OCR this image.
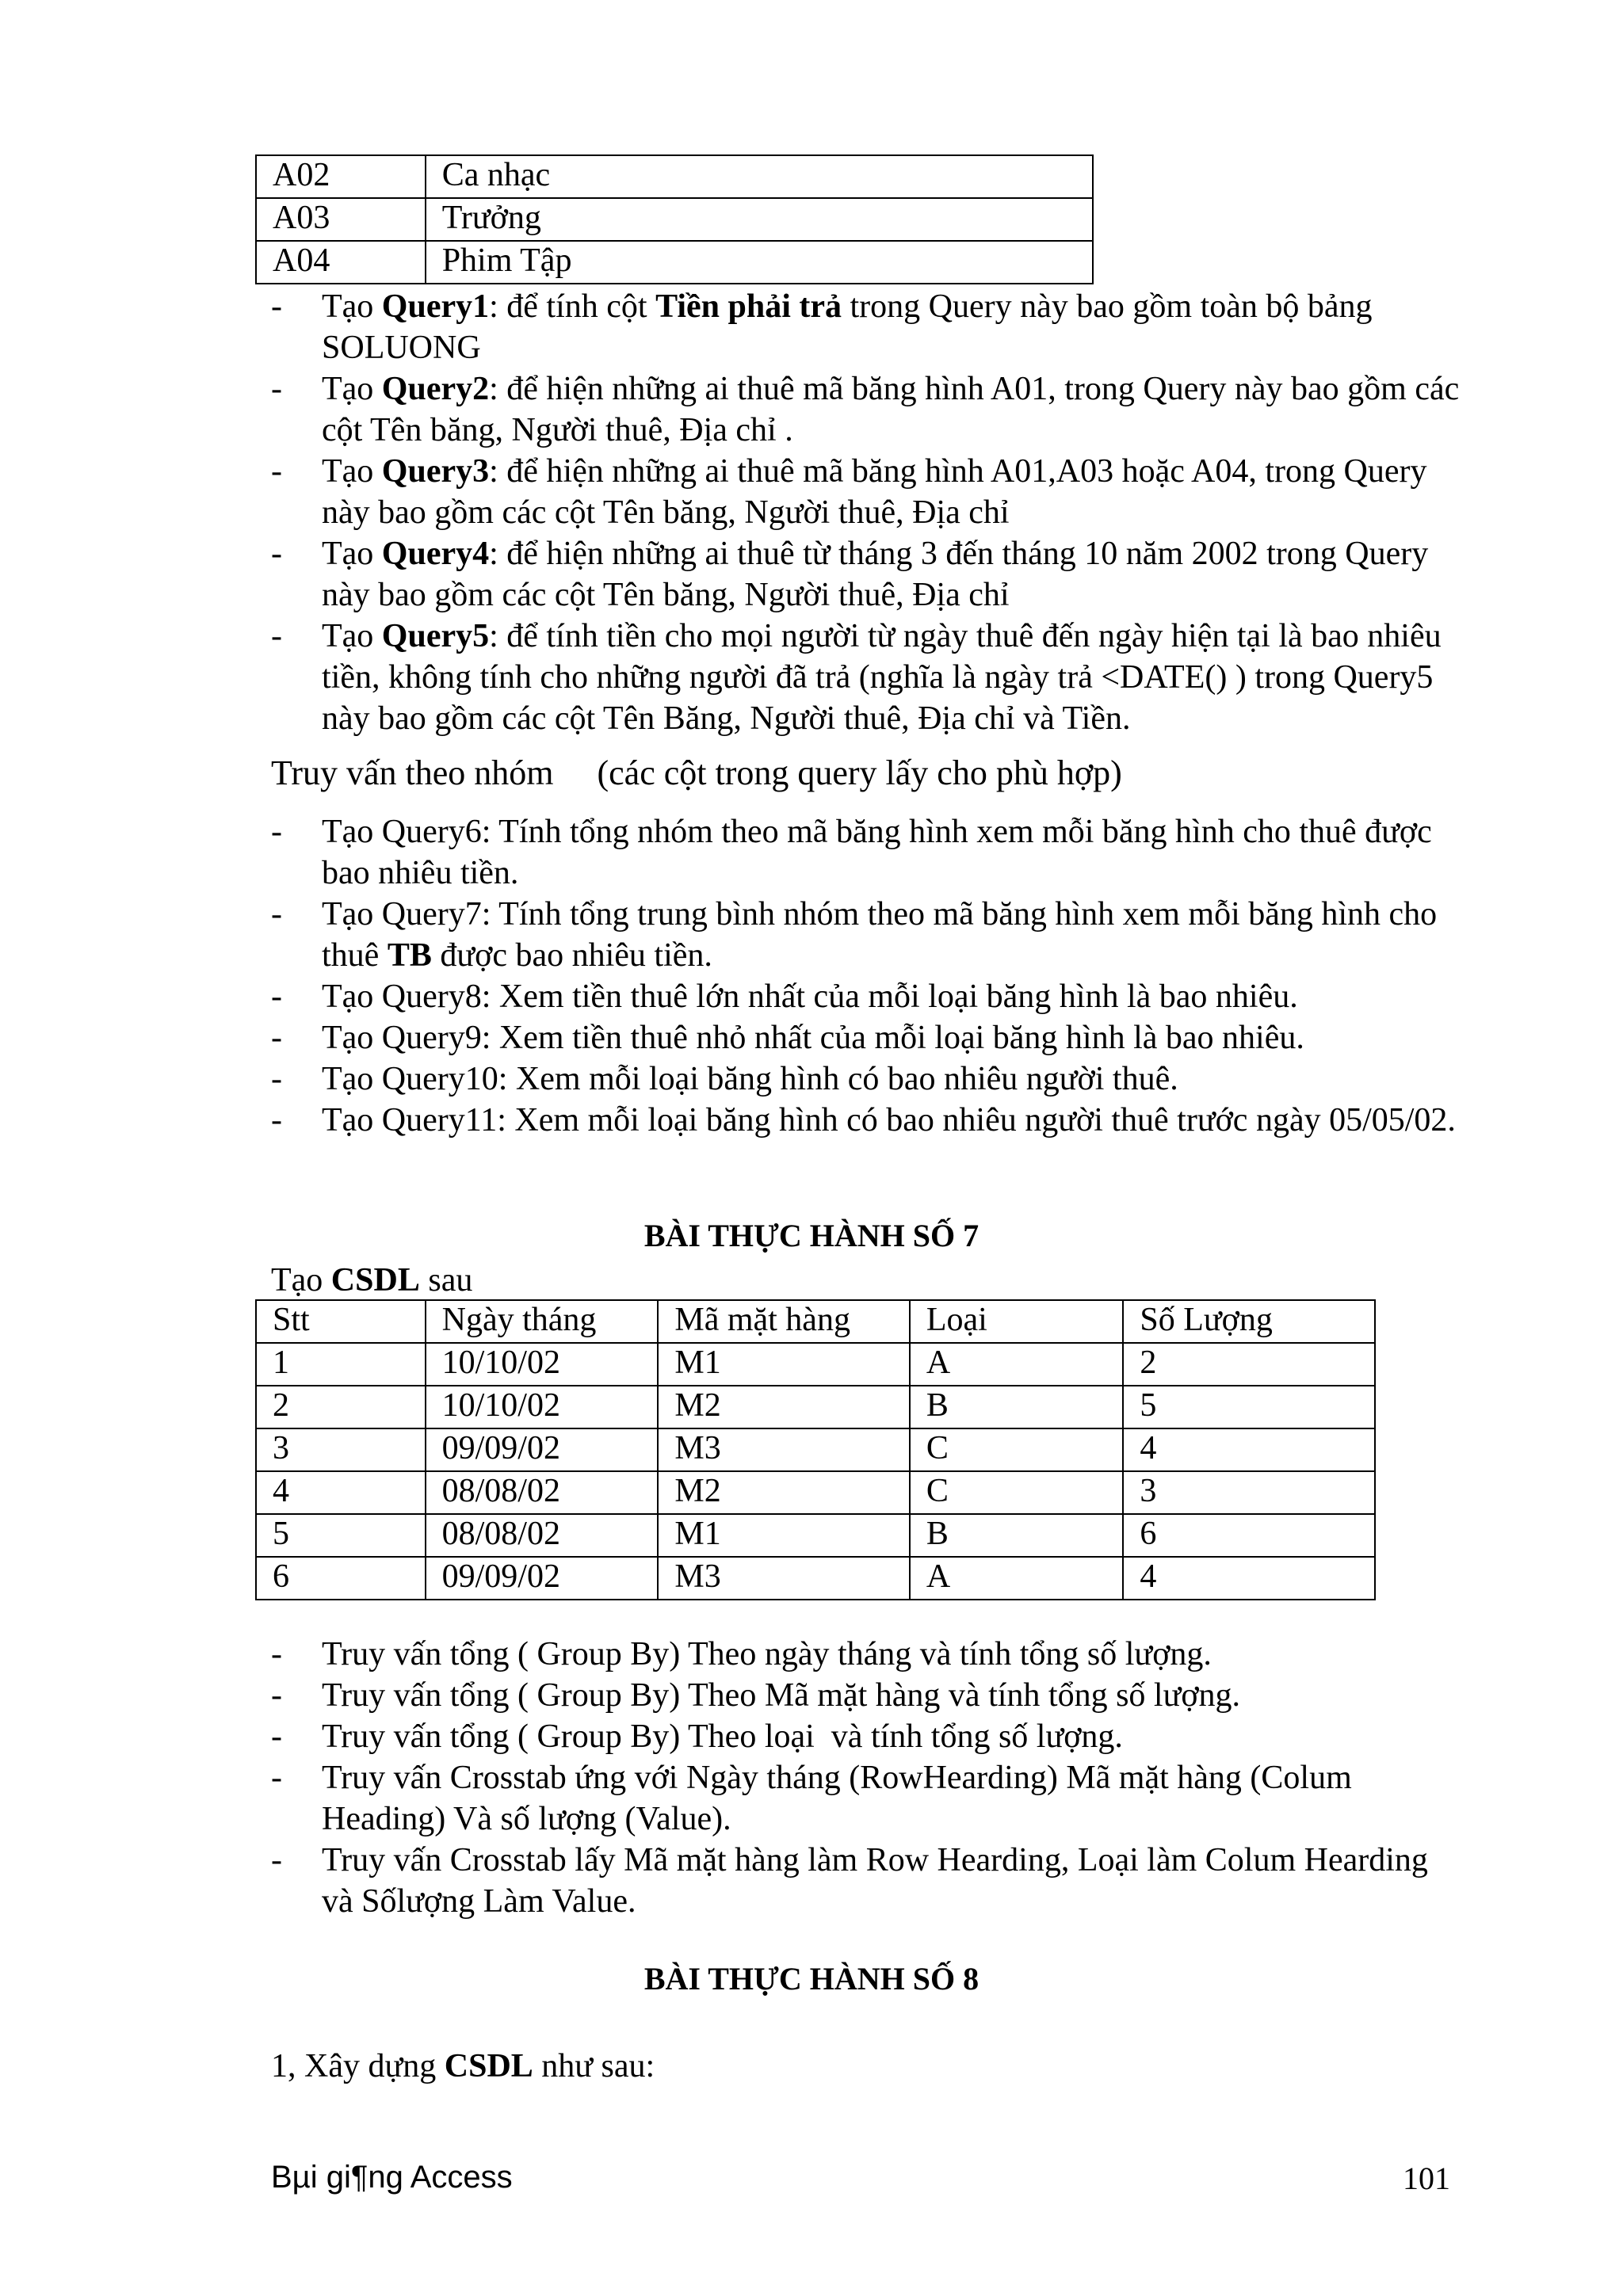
A02	Ca nhạc
A03	Trưởng
A04	Phim Tập
- Tạo Query1: để tính cột Tiền phải trả trong Query này bao gồm toàn bộ bảng SOLUONG
- Tạo Query2: để hiện những ai thuê mã băng hình A01, trong Query này bao gồm các cột Tên băng, Người thuê, Địa chỉ .
- Tạo Query3: để hiện những ai thuê mã băng hình A01,A03 hoặc A04, trong Query này bao gồm các cột Tên băng, Người thuê, Địa chỉ
- Tạo Query4: để hiện những ai thuê từ tháng 3 đến tháng 10 năm 2002 trong Query này bao gồm các cột Tên băng, Người thuê, Địa chỉ
- Tạo Query5: để tính tiền cho mọi người từ ngày thuê đến ngày hiện tại là bao nhiêu tiền, không tính cho những người đã trả (nghĩa là ngày trả <DATE() ) trong Query5 này bao gồm các cột Tên Băng, Người thuê, Địa chỉ và Tiền.
Truy vấn theo nhóm     (các cột trong query lấy cho phù hợp)
- Tạo Query6: Tính tổng nhóm theo mã băng hình xem mỗi băng hình cho thuê được bao nhiêu tiền.
- Tạo Query7: Tính tổng trung bình nhóm theo mã băng hình xem mỗi băng hình cho thuê TB được bao nhiêu tiền.
- Tạo Query8: Xem tiền thuê lớn nhất của mỗi loại băng hình là bao nhiêu.
- Tạo Query9: Xem tiền thuê nhỏ nhất của mỗi loại băng hình là bao nhiêu.
- Tạo Query10: Xem mỗi loại băng hình có bao nhiêu người thuê.
- Tạo Query11: Xem mỗi loại băng hình có bao nhiêu người thuê trước ngày 05/05/02.
BÀI THỰC HÀNH SỐ 7
Tạo CSDL sau
Stt	Ngày tháng	Mã mặt hàng	Loại	Số Lượng
1	10/10/02	M1	A	2
2	10/10/02	M2	B	5
3	09/09/02	M3	C	4
4	08/08/02	M2	C	3
5	08/08/02	M1	B	6
6	09/09/02	M3	A	4
- Truy vấn tổng ( Group By) Theo ngày tháng và tính tổng số lượng.
- Truy vấn tổng ( Group By) Theo Mã mặt hàng và tính tổng số lượng.
- Truy vấn tổng ( Group By) Theo loại  và tính tổng số lượng.
- Truy vấn Crosstab ứng với Ngày tháng (RowHearding) Mã mặt hàng (Colum Heading) Và số lượng (Value).
- Truy vấn Crosstab lấy Mã mặt hàng làm Row Hearding, Loại làm Colum Hearding và Sốlượng Làm Value.
BÀI THỰC HÀNH SỐ 8
1, Xây dựng CSDL như sau:
Bµi gi¶ng Access	101
